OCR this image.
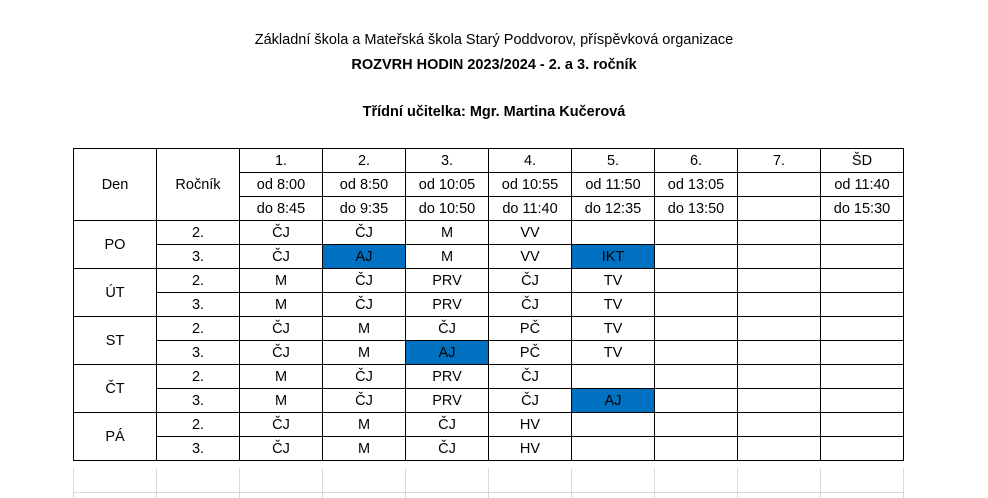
Základní škola a Mateřská škola Starý Poddvorov, příspěvková organizace
ROZVRH HODIN 2023/2024 - 2. a 3. ročník
Třídní učitelka: Mgr. Martina Kučerová
Den	Ročník	1.	2.	3.	4.	5.	6.	7.	ŠD
		od 8:00	od 8:50	od 10:05	od 10:55	od 11:50	od 13:05		od 11:40
		do 8:45	do 9:35	do 10:50	do 11:40	do 12:35	do 13:50		do 15:30
PO	2.	ČJ	ČJ	M	VV				
	3.	ČJ	AJ	M	VV	IKT			
ÚT	2.	M	ČJ	PRV	ČJ	TV			
	3.	M	ČJ	PRV	ČJ	TV			
ST	2.	ČJ	M	ČJ	PČ	TV			
	3.	ČJ	M	AJ	PČ	TV			
ČT	2.	M	ČJ	PRV	ČJ				
	3.	M	ČJ	PRV	ČJ	AJ			
PÁ	2.	ČJ	M	ČJ	HV				
	3.	ČJ	M	ČJ	HV				
